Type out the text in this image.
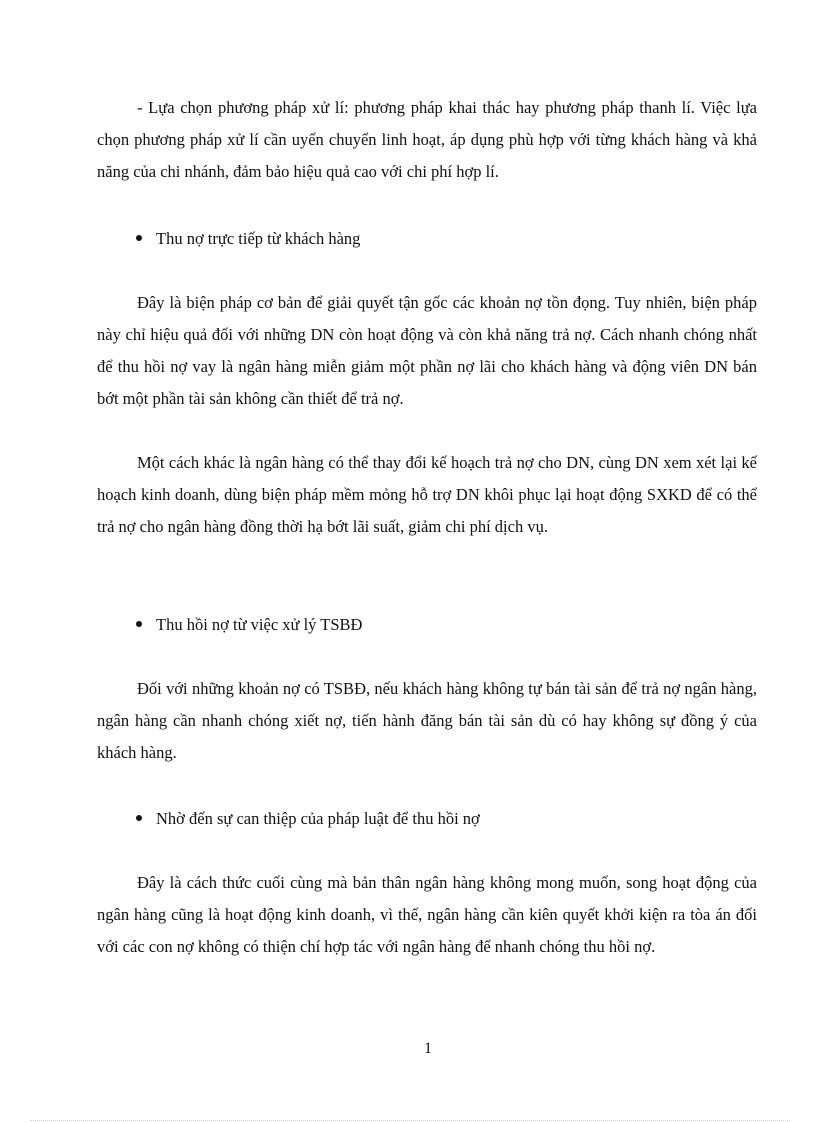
- Lựa chọn phương pháp xử lí: phương pháp khai thác hay phương pháp thanh lí. Việc lựa chọn phương pháp xử lí cần uyển chuyển linh hoạt, áp dụng phù hợp với từng khách hàng và khả năng của chi nhánh, đảm bảo hiệu quả cao với chi phí hợp lí.

Thu nợ trực tiếp từ khách hàng

Đây là biện pháp cơ bản để giải quyết tận gốc các khoản nợ tồn đọng. Tuy nhiên, biện pháp này chỉ hiệu quả đối với những DN còn hoạt động và còn khả năng trả nợ. Cách nhanh chóng nhất để thu hồi nợ vay là ngân hàng miễn giảm một phần nợ lãi cho khách hàng và động viên DN bán bớt một phần tài sản không cần thiết để trả nợ.

Một cách khác là ngân hàng có thể thay đổi kế hoạch trả nợ cho DN, cùng DN xem xét lại kế hoạch kinh doanh, dùng biện pháp mềm mỏng hỗ trợ DN khôi phục lại hoạt động SXKD để có thể trả nợ cho ngân hàng đồng thời hạ bớt lãi suất, giảm chi phí dịch vụ.

Thu hồi nợ từ việc xử lý TSBĐ

Đối với những khoản nợ có TSBĐ, nếu khách hàng không tự bán tài sản để trả nợ ngân hàng, ngân hàng cần nhanh chóng xiết nợ, tiến hành đăng bán tài sản dù có hay không sự đồng ý của khách hàng.

Nhờ đến sự can thiệp của pháp luật để thu hồi nợ

Đây là cách thức cuối cùng mà bản thân ngân hàng không mong muốn, song hoạt động của ngân hàng cũng là hoạt động kinh doanh, vì thế, ngân hàng cần kiên quyết khởi kiện ra tòa án đối với các con nợ không có thiện chí hợp tác với ngân hàng để nhanh chóng thu hồi nợ.

1
